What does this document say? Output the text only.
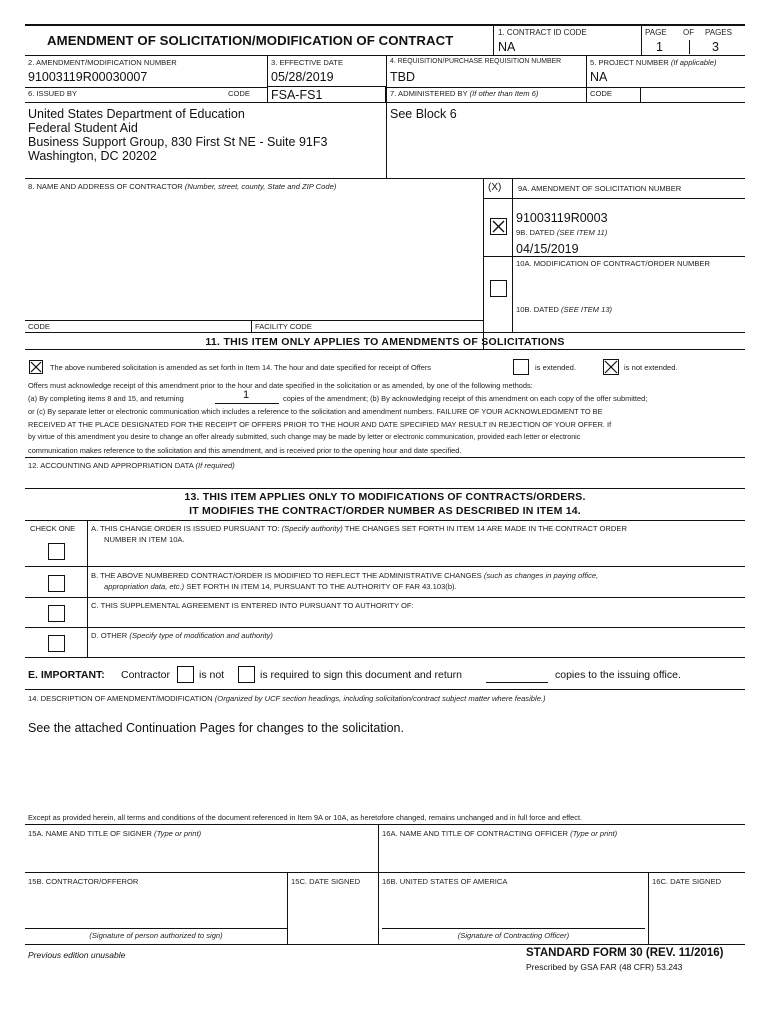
AMENDMENT OF SOLICITATION/MODIFICATION OF CONTRACT
1. CONTRACT ID CODE
NA
PAGE OF PAGES
1	3
2. AMENDMENT/MODIFICATION NUMBER
91003119R00030007
3. EFFECTIVE DATE
05/28/2019
4. REQUISITION/PURCHASE REQUISITION NUMBER
TBD
5. PROJECT NUMBER (If applicable)
NA
6. ISSUED BY	CODE FSA-FS1	7. ADMINISTERED BY (If other than Item 6)	CODE
United States Department of Education
Federal Student Aid
Business Support Group, 830 First St NE - Suite 91F3
Washington, DC 20202
See Block 6
8. NAME AND ADDRESS OF CONTRACTOR (Number, street, county, State and ZIP Code)	(X) 9A. AMENDMENT OF SOLICITATION NUMBER
91003119R0003
9B. DATED (SEE ITEM 11)
04/15/2019
10A. MODIFICATION OF CONTRACT/ORDER NUMBER
10B. DATED (SEE ITEM 13)
CODE	FACILITY CODE
11. THIS ITEM ONLY APPLIES TO AMENDMENTS OF SOLICITATIONS
The above numbered solicitation is amended as set forth in Item 14. The hour and date specified for receipt of Offers	is extended.	is not extended.
Offers must acknowledge receipt of this amendment prior to the hour and date specified in the solicitation or as amended, by one of the following methods:
(a) By completing items 8 and 15, and returning	1	copies of the amendment; (b) By acknowledging receipt of this amendment on each copy of the offer submitted;
or (c) By separate letter or electronic communication which includes a reference to the solicitation and amendment numbers. FAILURE OF YOUR ACKNOWLEDGMENT TO BE
RECEIVED AT THE PLACE DESIGNATED FOR THE RECEIPT OF OFFERS PRIOR TO THE HOUR AND DATE SPECIFIED MAY RESULT IN REJECTION OF YOUR OFFER. If
by virtue of this amendment you desire to change an offer already submitted, such change may be made by letter or electronic communication, provided each letter or electronic
communication makes reference to the solicitation and this amendment, and is received prior to the opening hour and date specified.
12. ACCOUNTING AND APPROPRIATION DATA (If required)
13. THIS ITEM APPLIES ONLY TO MODIFICATIONS OF CONTRACTS/ORDERS.
IT MODIFIES THE CONTRACT/ORDER NUMBER AS DESCRIBED IN ITEM 14.
CHECK ONE A. THIS CHANGE ORDER IS ISSUED PURSUANT TO: (Specify authority) THE CHANGES SET FORTH IN ITEM 14 ARE MADE IN THE CONTRACT ORDER
NUMBER IN ITEM 10A.
B. THE ABOVE NUMBERED CONTRACT/ORDER IS MODIFIED TO REFLECT THE ADMINISTRATIVE CHANGES (such as changes in paying office,
appropriation data, etc.) SET FORTH IN ITEM 14, PURSUANT TO THE AUTHORITY OF FAR 43.103(b).
C. THIS SUPPLEMENTAL AGREEMENT IS ENTERED INTO PURSUANT TO AUTHORITY OF:
D. OTHER (Specify type of modification and authority)
E. IMPORTANT: Contractor	is not	is required to sign this document and return	copies to the issuing office.
14. DESCRIPTION OF AMENDMENT/MODIFICATION (Organized by UCF section headings, including solicitation/contract subject matter where feasible.)
See the attached Continuation Pages for changes to the solicitation.
Except as provided herein, all terms and conditions of the document referenced in Item 9A or 10A, as heretofore changed, remains unchanged and in full force and effect.
15A. NAME AND TITLE OF SIGNER (Type or print)	16A. NAME AND TITLE OF CONTRACTING OFFICER (Type or print)
15B. CONTRACTOR/OFFEROR	15C. DATE SIGNED	16B. UNITED STATES OF AMERICA	16C. DATE SIGNED
(Signature of person authorized to sign)	(Signature of Contracting Officer)
Previous edition unusable	STANDARD FORM 30 (REV. 11/2016)
Prescribed by GSA FAR (48 CFR) 53.243
